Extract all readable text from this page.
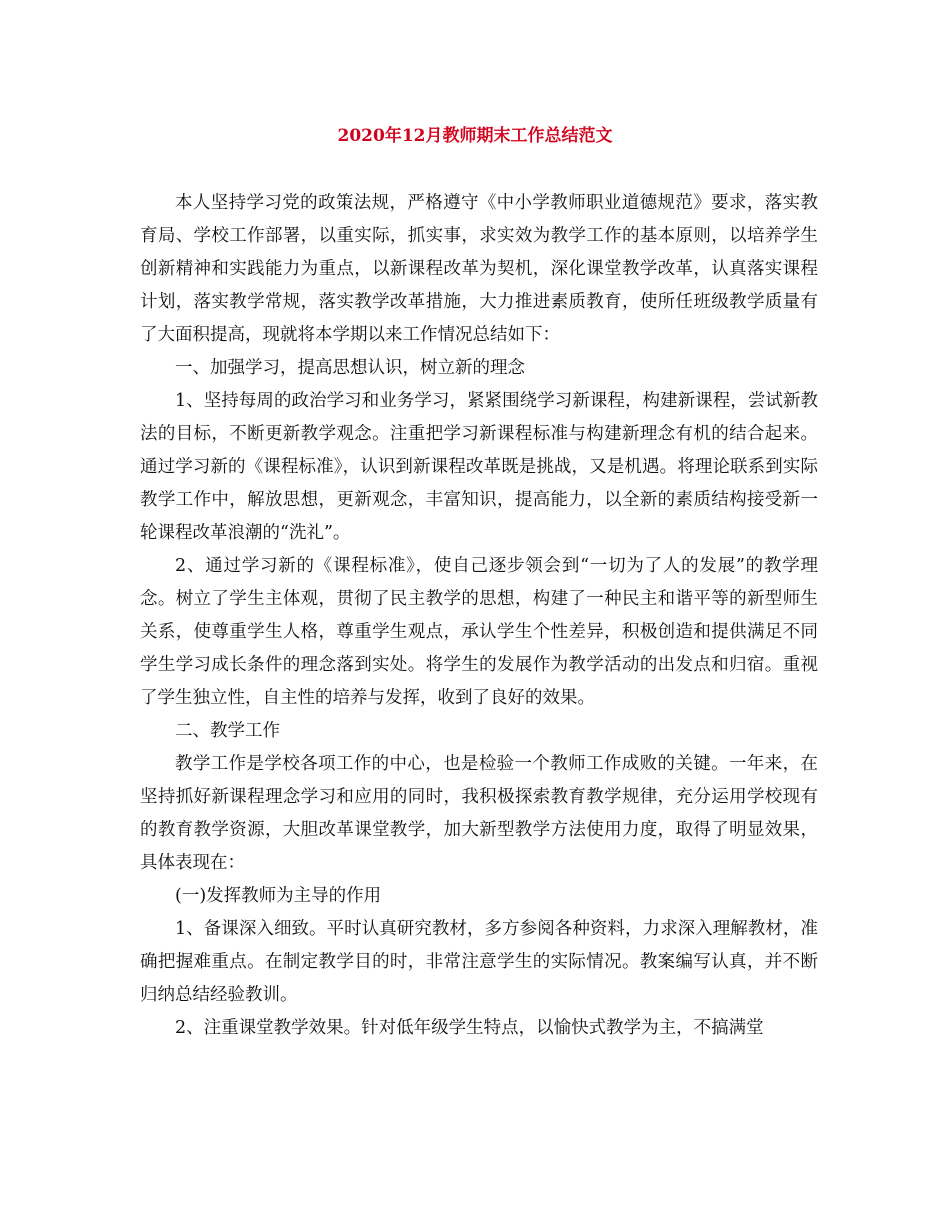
2020年12月教师期末工作总结范文

本人坚持学习党的政策法规，严格遵守《中小学教师职业道德规范》要求，落实教育局、学校工作部署，以重实际，抓实事，求实效为教学工作的基本原则，以培养学生创新精神和实践能力为重点，以新课程改革为契机，深化课堂教学改革，认真落实课程计划，落实教学常规，落实教学改革措施，大力推进素质教育，使所任班级教学质量有了大面积提高，现就将本学期以来工作情况总结如下：

一、加强学习，提高思想认识，树立新的理念

1、坚持每周的政治学习和业务学习，紧紧围绕学习新课程，构建新课程，尝试新教法的目标，不断更新教学观念。注重把学习新课程标准与构建新理念有机的结合起来。通过学习新的《课程标准》，认识到新课程改革既是挑战，又是机遇。将理论联系到实际教学工作中，解放思想，更新观念，丰富知识，提高能力，以全新的素质结构接受新一轮课程改革浪潮的“洗礼”。

2、通过学习新的《课程标准》，使自己逐步领会到“一切为了人的发展”的教学理念。树立了学生主体观，贯彻了民主教学的思想，构建了一种民主和谐平等的新型师生关系，使尊重学生人格，尊重学生观点，承认学生个性差异，积极创造和提供满足不同学生学习成长条件的理念落到实处。将学生的发展作为教学活动的出发点和归宿。重视了学生独立性，自主性的培养与发挥，收到了良好的效果。

二、教学工作

教学工作是学校各项工作的中心，也是检验一个教师工作成败的关键。一年来，在坚持抓好新课程理念学习和应用的同时，我积极探索教育教学规律，充分运用学校现有的教育教学资源，大胆改革课堂教学，加大新型教学方法使用力度，取得了明显效果，具体表现在：

(一)发挥教师为主导的作用

1、备课深入细致。平时认真研究教材，多方参阅各种资料，力求深入理解教材，准确把握难重点。在制定教学目的时，非常注意学生的实际情况。教案编写认真，并不断归纳总结经验教训。

2、注重课堂教学效果。针对低年级学生特点，以愉快式教学为主，不搞满堂
